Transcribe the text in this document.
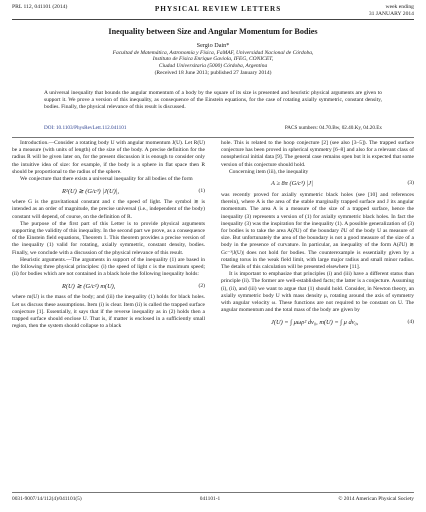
PRL 112, 041101 (2014)	PHYSICAL REVIEW LETTERS	week ending
31 JANUARY 2014
Inequality between Size and Angular Momentum for Bodies
Sergio Dain*
Facultad de Matemática, Astronomía y Física, FaMAF, Universidad Nacional de Córdoba,
Instituto de Física Enrique Gaviola, IFEG, CONICET,
Ciudad Universitaria (5000) Córdoba, Argentina
(Received 18 June 2013; published 27 January 2014)
A universal inequality that bounds the angular momentum of a body by the square of its size is presented and heuristic physical arguments are given to support it. We prove a version of this inequality, as consequence of the Einstein equations, for the case of rotating axially symmetric, constant density, bodies. Finally, the physical relevance of this result is discussed.
DOI: 10.1103/PhysRevLett.112.041101	PACS numbers: 04.70.Bw, 02.40.Ky, 04.20.Ex

Introduction.—Consider a rotating body U with angular momentum J(U). Let R(U) be a measure (with units of length) of the size of the body. A precise definition for the radius R will be given later on, for the present discussion it is enough to consider only the intuitive idea of size: for example, if the body is a sphere in flat space then R should be proportional to the radius of the sphere.

We conjecture that there exists a universal inequality for all bodies of the form

R²(U) ≳ (G/c³) |J(U)|,	(1)

where G is the gravitational constant and c the speed of light. The symbol ≳ is intended as an order of magnitude, the precise universal (i.e., independent of the body) constant will depend, of course, on the definition of R.

The purpose of the first part of this Letter is to provide physical arguments supporting the validity of this inequality. In the second part we prove, as a consequence of the Einstein field equations, Theorem 1. This theorem provides a precise version of the inequality (1) valid for rotating, axially symmetric, constant density, bodies. Finally, we conclude with a discussion of the physical relevance of this result.

Heuristic arguments.—The arguments in support of the inequality (1) are based in the following three physical principles: (i) the speed of light c is the maximum speed; (ii) for bodies which are not contained in a black hole the following inequality holds:

R(U) ≳ (G/c²) m(U),	(2)

where m(U) is the mass of the body; and (iii) the inequality (1) holds for black holes. Let us discuss these assumptions. Item (i) is clear. Item (ii) is called the trapped surface conjecture [1]. Essentially, it says that if the reverse inequality as in (2) holds then a trapped surface should enclose U. That is, if matter is enclosed in a sufficiently small region, then the system should collapse to a black

hole. This is related to the hoop conjecture [2] (see also [3–5]). The trapped surface conjecture has been proved in spherical symmetry [6–8] and also for a relevant class of nonspherical initial data [9]. The general case remains open but it is expected that some version of this conjecture should hold.

Concerning item (iii), the inequality

A ≥ 8π (G/c³) |J|	(3)

was recently proved for axially symmetric black holes (see [10] and references therein), where A is the area of the stable marginally trapped surface and J its angular momentum. The area A is a measure of the size of a trapped surface, hence the inequality (3) represents a version of (1) for axially symmetric black holes. In fact the inequality (3) was the inspiration for the inequality (1). A possible generalization of (3) for bodies is to take the area A(∂U) of the boundary ∂U of the body U as measure of size. But unfortunately the area of the boundary is not a good measure of the size of a body in the presence of curvature. In particular, an inequality of the form A(∂U) ≳ Gc⁻³|J(U)| does not hold for bodies. The counterexample is essentially given by a rotating torus in the weak field limit, with large major radius and small minor radius. The details of this calculation will be presented elsewhere [11].

It is important to emphasize that principles (i) and (iii) have a different status than principle (ii). The former are well-established facts; the latter is a conjecture. Assuming (i), (ii), and (iii) we want to argue that (1) should hold. Consider, in Newton theory, an axially symmetric body U with mass density μ, rotating around the axis of symmetry with angular velocity ω. These functions are not required to be constant on U. The angular momentum and the total mass of the body are given by

J(U) = ∫ μωρ² dv₀, m(U) = ∫ μ dv₀,	(4)
0031-9007/14/112(4)/041101(5)	041101-1	© 2014 American Physical Society
